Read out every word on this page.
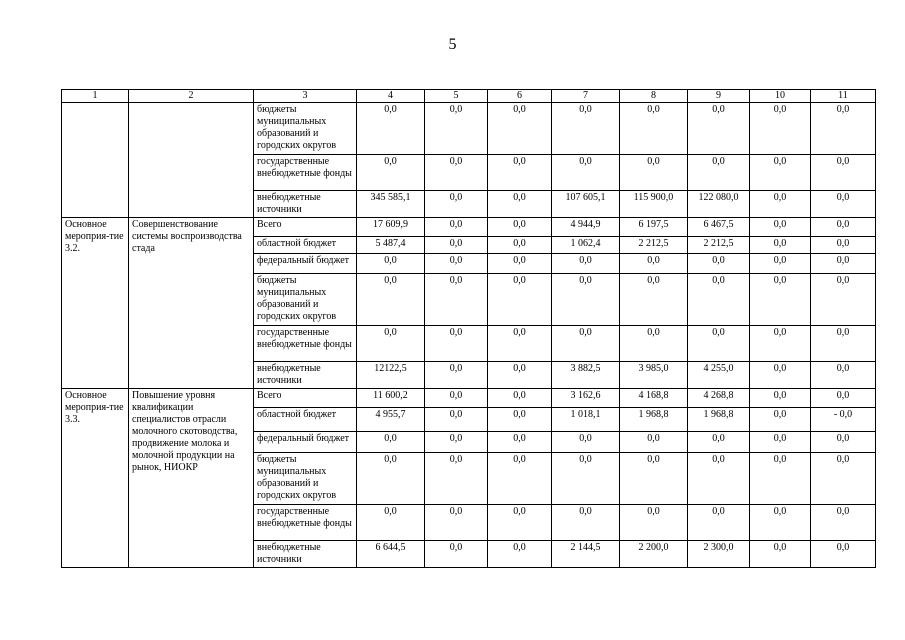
5
1	2	3	4	5	6	7	8	9	10	11
		бюджеты муниципальных образований и городских округов	0,0	0,0	0,0	0,0	0,0	0,0	0,0	0,0
		государственные внебюджетные фонды	0,0	0,0	0,0	0,0	0,0	0,0	0,0	0,0
		внебюджетные источники	345 585,1	0,0	0,0	107 605,1	115 900,0	122 080,0	0,0	0,0
Основное мероприя-тие 3.2.	Совершенствование системы воспроизводства стада	Всего	17 609,9	0,0	0,0	4 944,9	6 197,5	6 467,5	0,0	0,0
		областной бюджет	5 487,4	0,0	0,0	1 062,4	2 212,5	2 212,5	0,0	0,0
		федеральный бюджет	0,0	0,0	0,0	0,0	0,0	0,0	0,0	0,0
		бюджеты муниципальных образований и городских округов	0,0	0,0	0,0	0,0	0,0	0,0	0,0	0,0
		государственные внебюджетные фонды	0,0	0,0	0,0	0,0	0,0	0,0	0,0	0,0
		внебюджетные источники	12122,5	0,0	0,0	3 882,5	3 985,0	4 255,0	0,0	0,0
Основное мероприя-тие 3.3.	Повышение уровня квалификации специалистов отрасли молочного скотоводства, продвижение молока и молочной продукции на рынок, НИОКР	Всего	11 600,2	0,0	0,0	3 162,6	4 168,8	4 268,8	0,0	0,0
		областной бюджет	4 955,7	0,0	0,0	1 018,1	1 968,8	1 968,8	0,0	- 0,0
		федеральный бюджет	0,0	0,0	0,0	0,0	0,0	0,0	0,0	0,0
		бюджеты муниципальных образований и городских округов	0,0	0,0	0,0	0,0	0,0	0,0	0,0	0,0
		государственные внебюджетные фонды	0,0	0,0	0,0	0,0	0,0	0,0	0,0	0,0
		внебюджетные источники	6 644,5	0,0	0,0	2 144,5	2 200,0	2 300,0	0,0	0,0
